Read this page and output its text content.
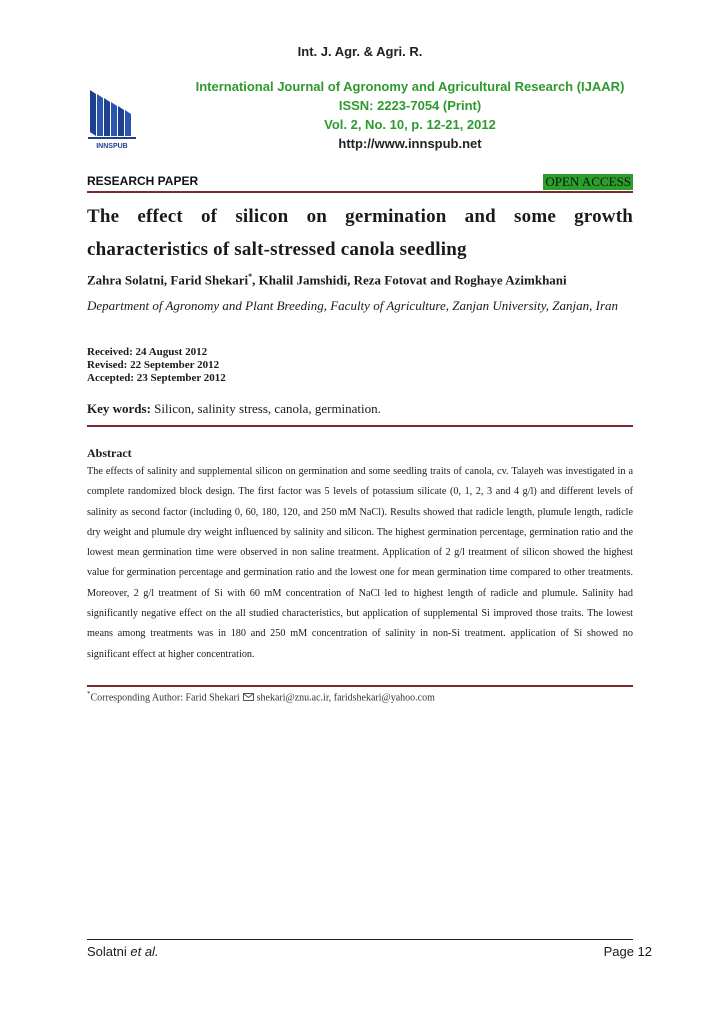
Int. J. Agr. & Agri. R.
INNSPUB
International Journal of Agronomy and Agricultural Research (IJAAR)
ISSN: 2223-7054 (Print)
Vol. 2, No. 10, p. 12-21, 2012
http://www.innspub.net
RESEARCH PAPER	OPEN ACCESS
The effect of silicon on germination and some growth
characteristics of salt-stressed canola seedling
Zahra Solatni, Farid Shekari*, Khalil Jamshidi, Reza Fotovat and Roghaye Azimkhani
Department of Agronomy and Plant Breeding, Faculty of Agriculture, Zanjan University, Zanjan, Iran
Received: 24 August 2012
Revised: 22 September 2012
Accepted: 23 September 2012
Key words: Silicon, salinity stress, canola, germination.
Abstract
The effects of salinity and supplemental silicon on germination and some seedling traits of canola, cv. Talayeh was investigated in a complete randomized block design. The first factor was 5 levels of potassium silicate (0, 1, 2, 3 and 4 g/l) and different levels of salinity as second factor (including 0, 60, 180, 120, and 250 mM NaCl). Results showed that radicle length, plumule length, radicle dry weight and plumule dry weight influenced by salinity and silicon. The highest germination percentage, germination ratio and the lowest mean germination time were observed in non saline treatment. Application of 2 g/l treatment of silicon showed the highest value for germination percentage and germination ratio and the lowest one for mean germination time compared to other treatments. Moreover, 2 g/l treatment of Si with 60 mM concentration of NaCl led to highest length of radicle and plumule. Salinity had significantly negative effect on the all studied characteristics, but application of supplemental Si improved those traits. The lowest means among treatments was in 180 and 250 mM concentration of salinity in non-Si treatment. application of Si showed no significant effect at higher concentration.
*Corresponding Author: Farid Shekari shekari@znu.ac.ir, faridshekari@yahoo.com
Solatni et al.	Page 12
